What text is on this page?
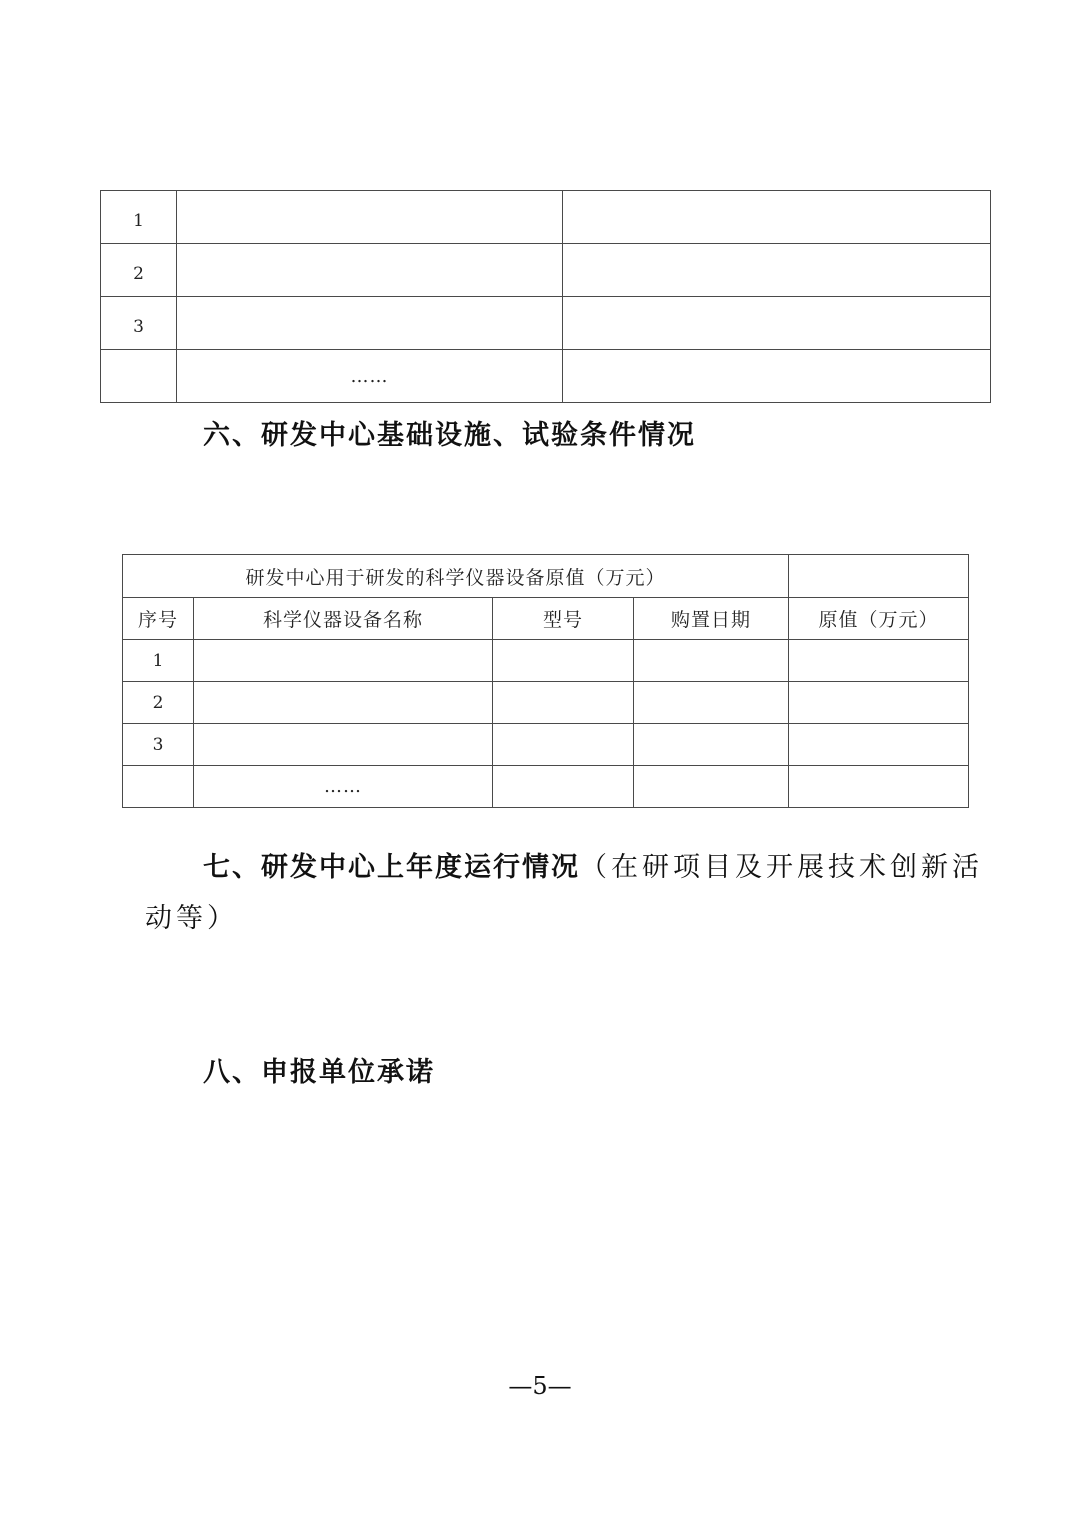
1		
2		
3		
	……	
六、研发中心基础设施、试验条件情况
研发中心用于研发的科学仪器设备原值（万元）				
序号	科学仪器设备名称	型号	购置日期	原值（万元）
1				
2				
3				
	……			
七、研发中心上年度运行情况（在研项目及开展技术创新活
动等）
八、申报单位承诺
—5—
